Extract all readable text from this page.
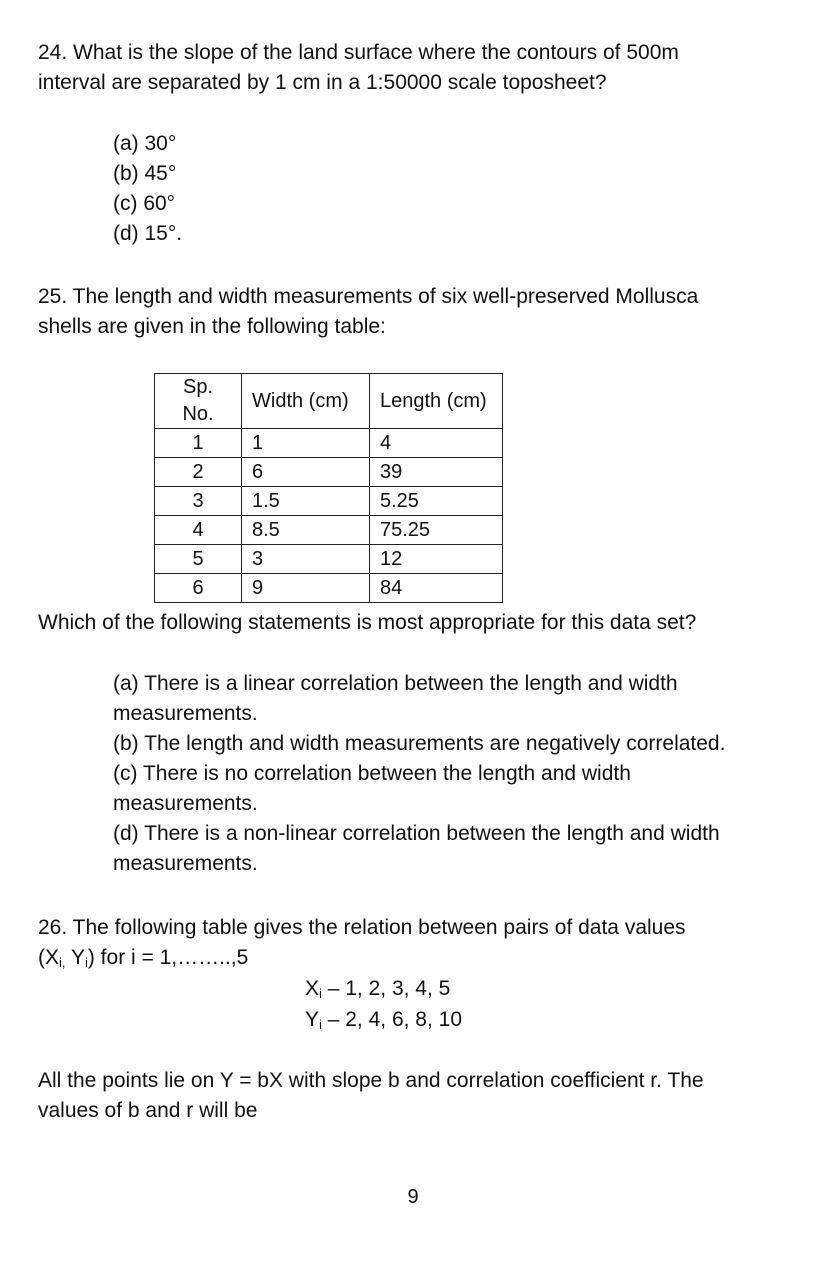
24. What is the slope of the land surface where the contours of 500m
interval are separated by 1 cm in a 1:50000 scale toposheet?

(a) 30°
(b) 45°
(c) 60°
(d) 15°.

25. The length and width measurements of six well-preserved Mollusca
shells are given in the following table:

Sp. No.	Width (cm)	Length (cm)
1	1	4
2	6	39
3	1.5	5.25
4	8.5	75.25
5	3	12
6	9	84

Which of the following statements is most appropriate for this data set?

(a) There is a linear correlation between the length and width
measurements.
(b) The length and width measurements are negatively correlated.
(c) There is no correlation between the length and width
measurements.
(d) There is a non-linear correlation between the length and width
measurements.

26. The following table gives the relation between pairs of data values
($X_{i,}$ $Y_i$) for i = 1,……..,5

$X_i - 1$, 2, 3, 4, 5

$Y_i - 2$, 4, 6, 8, 10

All the points lie on Y = bX with slope b and correlation coefficient r. The
values of b and r will be

9
